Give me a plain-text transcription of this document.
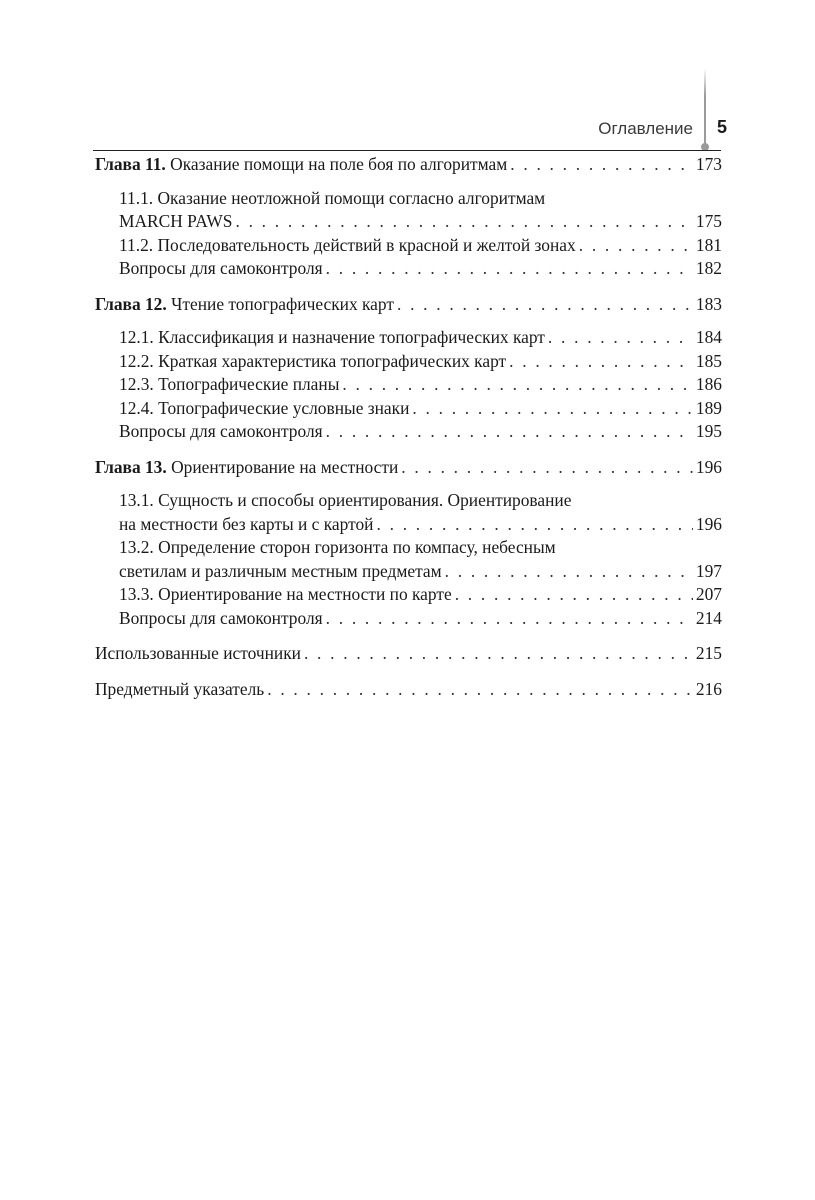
Оглавление 5
Глава 11. Оказание помощи на поле боя по алгоритмам . . .	173
11.1. Оказание неотложной помощи согласно алгоритмам
MARCH PAWS . . .	175
11.2. Последовательность действий в красной и желтой зонах . . .	181
Вопросы для самоконтроля . . .	182
Глава 12. Чтение топографических карт . . .	183
12.1. Классификация и назначение топографических карт . . .	184
12.2. Краткая характеристика топографических карт . . .	185
12.3. Топографические планы . . .	186
12.4. Топографические условные знаки . . .	189
Вопросы для самоконтроля . . .	195
Глава 13. Ориентирование на местности . . .	196
13.1. Сущность и способы ориентирования. Ориентирование
на местности без карты и с картой . . .	196
13.2. Определение сторон горизонта по компасу, небесным
светилам и различным местным предметам . . .	197
13.3. Ориентирование на местности по карте . . .	207
Вопросы для самоконтроля . . .	214
Использованные источники . . .	215
Предметный указатель . . .	216
